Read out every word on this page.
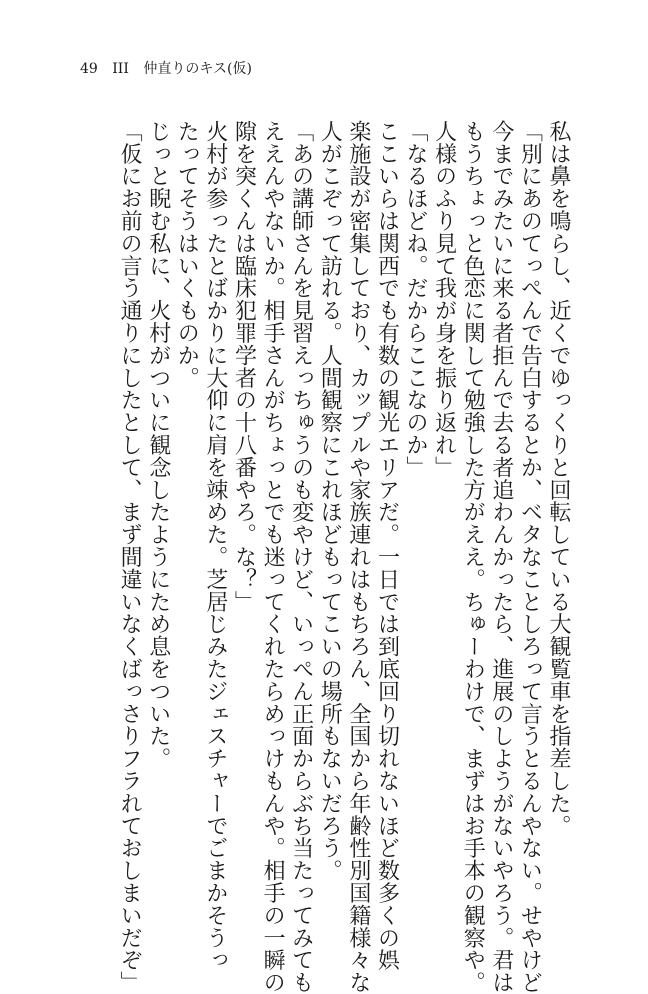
49 III 仲直りのキス(仮)
私は鼻を鳴らし、近くでゆっくりと回転している大観覧車を指差した。
「別にあのてっぺんで告白するとか、ベタなことしろって言うとるんやない。せやけど
今までみたいに来る者拒んで去る者追わんかったら、進展のしようがないやろう。君は
もうちょっと色恋に関して勉強した方がええ。ちゅーわけで、まずはお手本の観察や。
人様のふり見て我が身を振り返れ」
「なるほどね。だからここなのか」
ここいらは関西でも有数の観光エリアだ。一日では到底回り切れないほど数多くの娯
楽施設が密集しており、カップルや家族連れはもちろん、全国から年齢性別国籍様々な
人がこぞって訪れる。人間観察にこれほどもってこいの場所もないだろう。
「あの講師さんを見習えっちゅうのも変やけど、いっぺん正面からぶち当たってみても
ええんやないか。相手さんがちょっとでも迷ってくれたらめっけもんや。相手の一瞬の
隙を突くんは臨床犯罪学者の十八番やろ。な？」
火村が参ったとばかりに大仰に肩を竦めた。芝居じみたジェスチャーでごまかそうっ
たってそうはいくものか。
じっと睨む私に、火村がついに観念したようにため息をついた。
「仮にお前の言う通りにしたとして、まず間違いなくばっさりフラれておしまいだぞ」
